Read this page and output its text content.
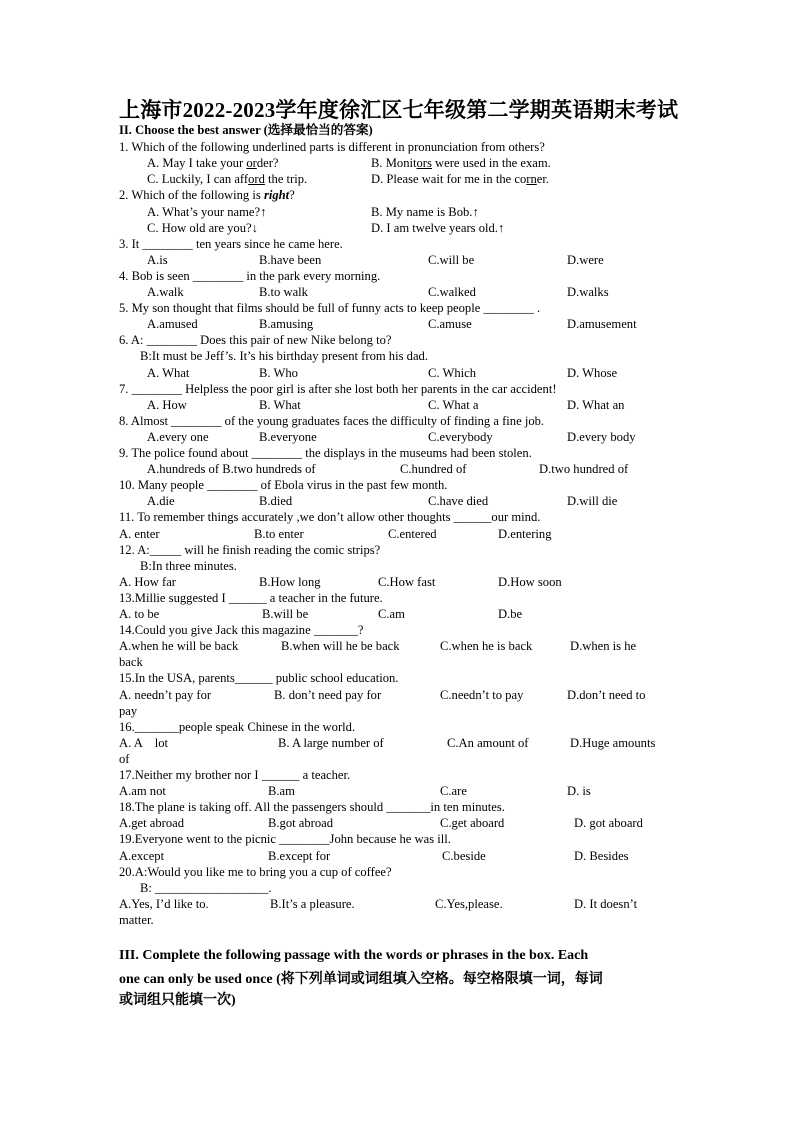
上海市2022-2023学年度徐汇区七年级第二学期英语期末考试
II. Choose the best answer (选择最恰当的答案)
1. Which of the following underlined parts is different in pronunciation from others?
A. May I take your order?	B. Monitors were used in the exam.
C. Luckily, I can afford the trip.	D. Please wait for me in the corner.
2. Which of the following is right?
A. What’s your name?↑	B. My name is Bob.↑
C. How old are you?↓	D. I am twelve years old.↑
3. It ________ ten years since he came here.
A.is	B.have been	C.will be	D.were
4. Bob is seen ________ in the park every morning.
A.walk	B.to walk	C.walked	D.walks
5. My son thought that films should be full of funny acts to keep people ________ .
A.amused	B.amusing	C.amuse	D.amusement
6. A: ________ Does this pair of new Nike belong to?
B:It must be Jeff’s. It’s his birthday present from his dad.
A. What	B. Who	C. Which	D. Whose
7. ________ Helpless the poor girl is after she lost both her parents in the car accident!
A. How	B. What	C. What a	D. What an
8. Almost ________ of the young graduates faces the difficulty of finding a fine job.
A.every one	B.everyone	C.everybody	D.every body
9. The police found about ________ the displays in the museums had been stolen.
A.hundreds of B.two hundreds of	C.hundred of	D.two hundred of
10. Many people ________ of Ebola virus in the past few month.
A.die	B.died	C.have died	D.will die
11. To remember things accurately ,we don’t allow other thoughts ______our mind.
A. enter	B.to enter	C.entered	D.entering
12. A:_____ will he finish reading the comic strips?
B:In three minutes.
A. How far	B.How long	C.How fast	D.How soon
13.Millie suggested I ______ a teacher in the future.
A. to be	B.will be	C.am	D.be
14.Could you give Jack this magazine _______?
A.when he will be back	B.when will he be back	C.when he is back	D.when is he
back
15.In the USA, parents______ public school education.
A. needn’t pay for	B. don’t need pay for	C.needn’t to pay	D.don’t need to
pay
16._______people speak Chinese in the world.
A. A    lot	B. A large number of	C.An amount of	D.Huge amounts
of
17.Neither my brother nor I ______ a teacher.
A.am not	B.am	C.are	D. is
18.The plane is taking off. All the passengers should _______in ten minutes.
A.get abroad	B.got abroad	C.get aboard	D. got aboard
19.Everyone went to the picnic ________John because he was ill.
A.except	B.except for	C.beside	D. Besides
20.A:Would you like me to bring you a cup of coffee?
B: __________________.
A.Yes, I’d like to.	B.It’s a pleasure.	C.Yes,please.	D. It doesn’t
matter.
III. Complete the following passage with the words or phrases in the box. Each
one can only be used once (将下列单词或词组填入空格。每空格限填一词，每词
或词组只能填一次)
